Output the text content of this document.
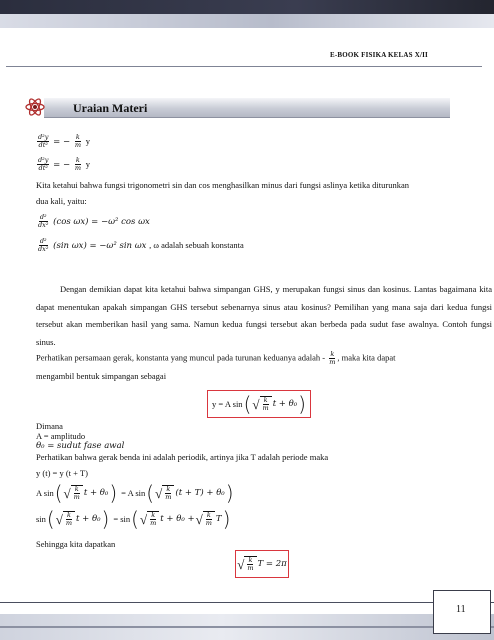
E-BOOK FISIKA KELAS X/II
Uraian Materi
$\frac{\text{d²y}}{\text{dt²}}$ = − $\frac{k}{m}$ y
$\frac{\text{d²y}}{\text{dt²}}$ = − $\frac{k}{m}$ y
Kita ketahui bahwa fungsi trigonometri sin dan cos menghasilkan minus dari fungsi aslinya ketika diturunkan
dua kali, yaitu:
$\frac{\text{d²}}{\text{dx²}} (\cos$ ωx) = −ω² cos ωx
$\frac{\text{d²}}{\text{dx²}} (\sin$ ωx) = −ω² sin ωx , ω adalah sebuah konstanta
Dengan demikian dapat kita ketahui bahwa simpangan GHS, y merupakan fungsi sinus dan kosinus. Lantas bagaimana kita dapat menentukan apakah simpangan GHS tersebut sebenarnya sinus atau kosinus? Pemilihan yang mana saja dari kedua fungsi tersebut akan memberikan hasil yang sama. Namun kedua fungsi tersebut akan berbeda pada sudut fase awalnya. Contoh fungsi sinus.
Perhatikan persamaan gerak, konstanta yang muncul pada turunan keduanya adalah - $\frac{k}{m}$ , maka kita dapat
mengambil bentuk simpangan sebagai
y = A sin ( √ $\frac{k}{m}$ t + θ₀ )
Dimana
A = amplitudo
θ₀ = sudut fase awal
Perhatikan bahwa gerak benda ini adalah periodik, artinya jika T adalah periode maka
y (t) = y (t + T)
A sin ( √ $\frac{k}{m}$ t + θ₀ ) = A sin ( √ $\frac{k}{m} (t + T) + \theta_0$ )
sin ( √ $\frac{k}{m}$ t + θ₀ ) = sin ( √ $\frac{k}{m}$ t + θ₀ + √ $\frac{k}{m}$ T )
Sehingga kita dapatkan
√ $\frac{k}{m}$ T = 2π
11
